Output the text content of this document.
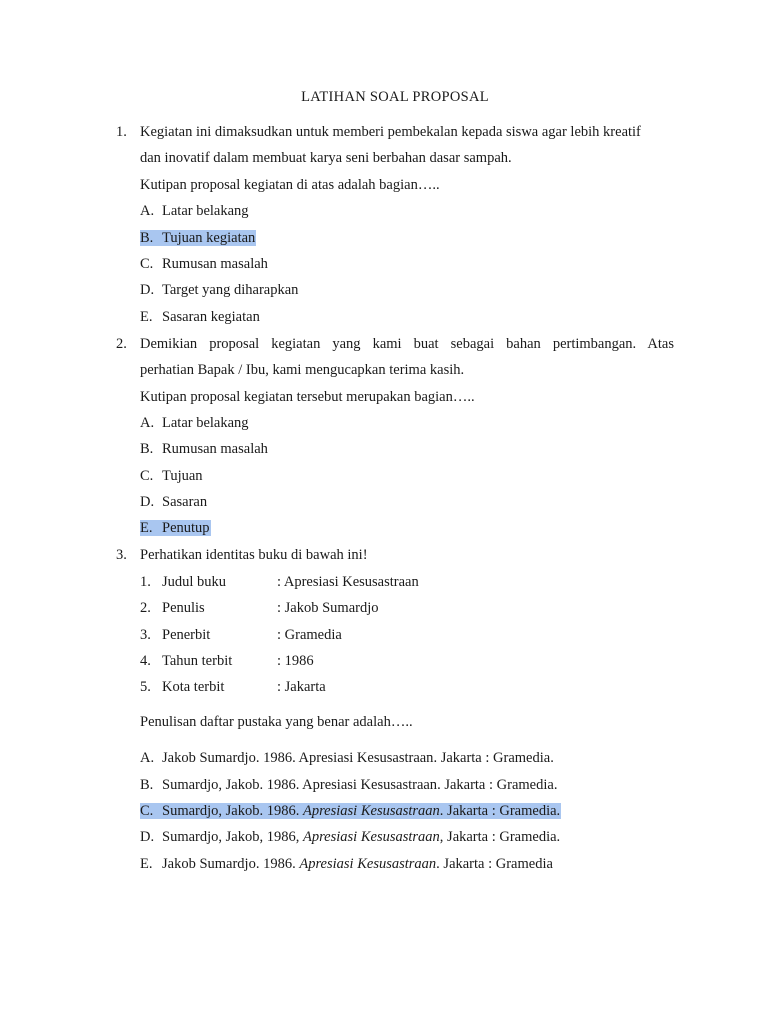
LATIHAN SOAL PROPOSAL
1. Kegiatan ini dimaksudkan untuk memberi pembekalan kepada siswa agar lebih kreatif
dan inovatif dalam membuat karya seni berbahan dasar sampah.
Kutipan proposal kegiatan di atas adalah bagian…..
A. Latar belakang
B. Tujuan kegiatan
C. Rumusan masalah
D. Target yang diharapkan
E. Sasaran kegiatan
2. Demikian proposal kegiatan yang kami buat sebagai bahan pertimbangan. Atas
perhatian Bapak / Ibu, kami mengucapkan terima kasih.
Kutipan proposal kegiatan tersebut merupakan bagian…..
A. Latar belakang
B. Rumusan masalah
C. Tujuan
D. Sasaran
E. Penutup
3. Perhatikan identitas buku di bawah ini!
1. Judul buku	: Apresiasi Kesusastraan
2. Penulis	: Jakob Sumardjo
3. Penerbit	: Gramedia
4. Tahun terbit	: 1986
5. Kota terbit	: Jakarta
Penulisan daftar pustaka yang benar adalah…..
A. Jakob Sumardjo. 1986. Apresiasi Kesusastraan. Jakarta : Gramedia.
B. Sumardjo, Jakob. 1986. Apresiasi Kesusastraan. Jakarta : Gramedia.
C. Sumardjo, Jakob. 1986. Apresiasi Kesusastraan. Jakarta : Gramedia.
D. Sumardjo, Jakob, 1986, Apresiasi Kesusastraan, Jakarta : Gramedia.
E. Jakob Sumardjo. 1986. Apresiasi Kesusastraan. Jakarta : Gramedia
